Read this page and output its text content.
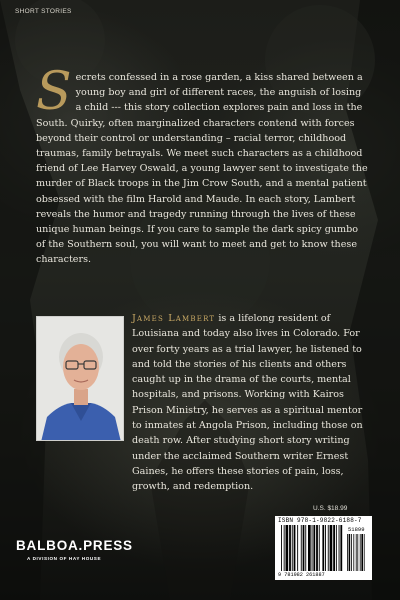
SHORT STORIES

Secrets confessed in a rose garden, a kiss shared between a young boy and girl of different races, the anguish of losing a child --- this story collection explores pain and loss in the South. Quirky, often marginalized characters contend with forces beyond their control or understanding – racial terror, childhood traumas, family betrayals. We meet such characters as a childhood friend of Lee Harvey Oswald, a young lawyer sent to investigate the murder of Black troops in the Jim Crow South, and a mental patient obsessed with the film Harold and Maude. In each story, Lambert reveals the humor and tragedy running through the lives of these unique human beings. If you care to sample the dark spicy gumbo of the Southern soul, you will want to meet and get to know these characters.

James Lambert is a lifelong resident of Louisiana and today also lives in Colorado. For over forty years as a trial lawyer, he listened to and told the stories of his clients and others caught up in the drama of the courts, mental hospitals, and prisons. Working with Kairos Prison Ministry, he serves as a spiritual mentor to inmates at Angola Prison, including those on death row. After studying short story writing under the acclaimed Southern writer Ernest Gaines, he offers these stories of pain, loss, growth, and redemption.

U.S. $18.99
ISBN 978-1-9822-6188-7
51899
9 781982 261887
BALBOA.PRESS
A DIVISION OF HAY HOUSE
